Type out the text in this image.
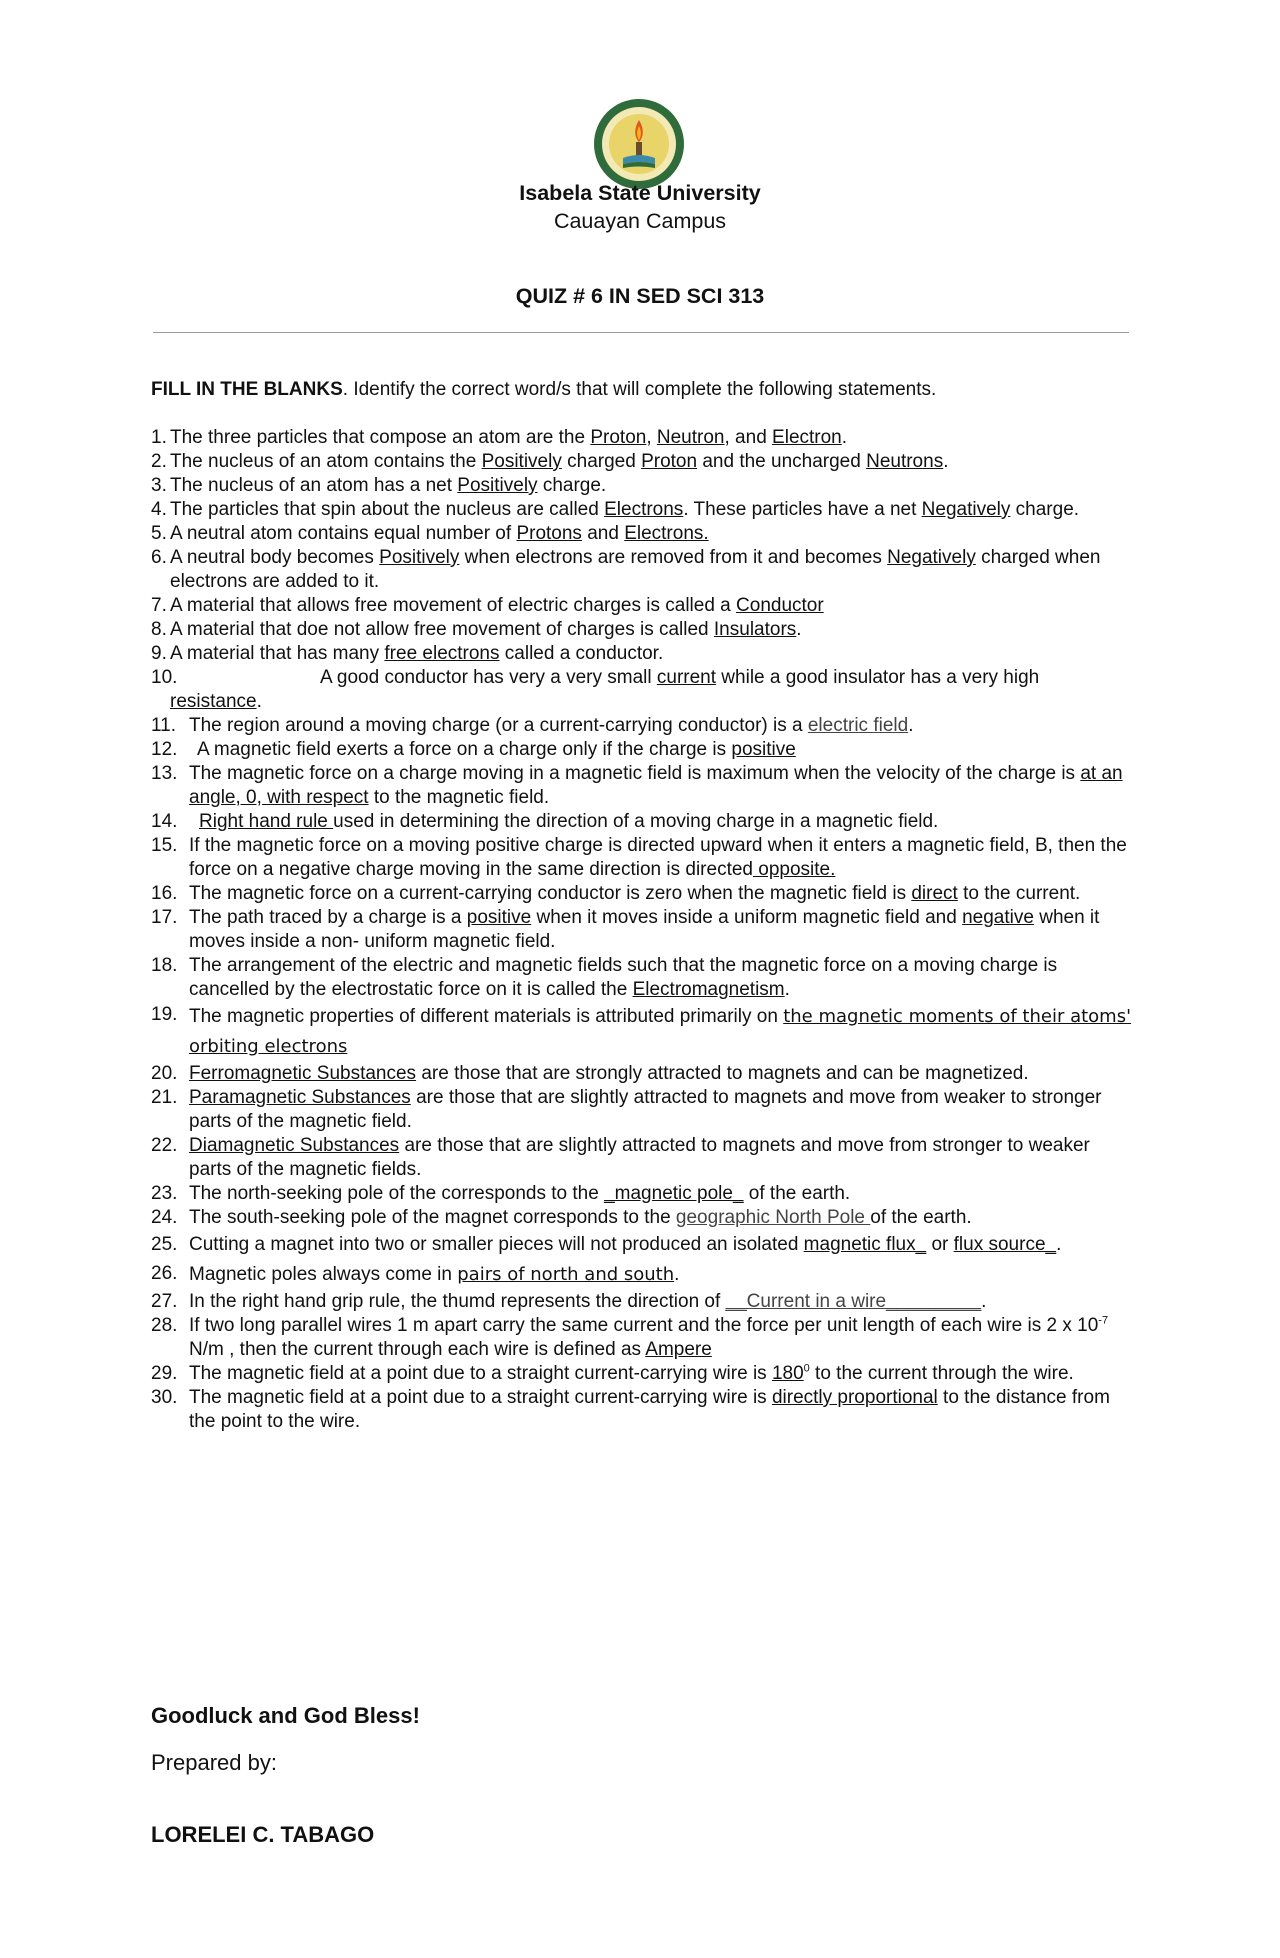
Isabela State University
Cauayan Campus
QUIZ # 6 IN SED SCI 313
FILL IN THE BLANKS. Identify the correct word/s that will complete the following statements.
1. The three particles that compose an atom are the Proton, Neutron, and Electron.
2. The nucleus of an atom contains the Positively charged Proton and the uncharged Neutrons.
3. The nucleus of an atom has a net Positively charge.
4. The particles that spin about the nucleus are called Electrons. These particles have a net Negatively charge.
5. A neutral atom contains equal number of Protons and Electrons.
6. A neutral body becomes Positively when electrons are removed from it and becomes Negatively charged when electrons are added to it.
7. A material that allows free movement of electric charges is called a Conductor
8. A material that doe not allow free movement of charges is called Insulators.
9. A material that has many free electrons called a conductor.
10.	A good conductor has very a very small current while a good insulator has a very high resistance.
11. The region around a moving charge (or a current-carrying conductor) is a electric field.
12. A magnetic field exerts a force on a charge only if the charge is positive
13. The magnetic force on a charge moving in a magnetic field is maximum when the velocity of the charge is at an angle, 0, with respect to the magnetic field.
14. Right hand rule used in determining the direction of a moving charge in a magnetic field.
15. If the magnetic force on a moving positive charge is directed upward when it enters a magnetic field, B, then the force on a negative charge moving in the same direction is directed opposite.
16. The magnetic force on a current-carrying conductor is zero when the magnetic field is direct to the current.
17. The path traced by a charge is a positive when it moves inside a uniform magnetic field and negative when it moves inside a non- uniform magnetic field.
18. The arrangement of the electric and magnetic fields such that the magnetic force on a moving charge is cancelled by the electrostatic force on it is called the Electromagnetism.
19. The magnetic properties of different materials is attributed primarily on the magnetic moments of their atoms' orbiting electrons
20. Ferromagnetic Substances are those that are strongly attracted to magnets and can be magnetized.
21. Paramagnetic Substances are those that are slightly attracted to magnets and move from weaker to stronger parts of the magnetic field.
22. Diamagnetic Substances are those that are slightly attracted to magnets and move from stronger to weaker parts of the magnetic fields.
23. The north-seeking pole of the corresponds to the _magnetic pole_ of the earth.
24. The south-seeking pole of the magnet corresponds to the geographic North Pole of the earth.
25. Cutting a magnet into two or smaller pieces will not produced an isolated magnetic flux_ or flux source_.
26. Magnetic poles always come in pairs of north and south.
27. In the right hand grip rule, the thumd represents the direction of __Current in a wire_________.
28. If two long parallel wires 1 m apart carry the same current and the force per unit length of each wire is 2 x $10^{-7}$ N/m , then the current through each wire is defined as Ampere
29. The magnetic field at a point due to a straight current-carrying wire is $180^0$ to the current through the wire.
30. The magnetic field at a point due to a straight current-carrying wire is directly proportional to the distance from the point to the wire.
Goodluck and God Bless!
Prepared by:
LORELEI C. TABAGO
